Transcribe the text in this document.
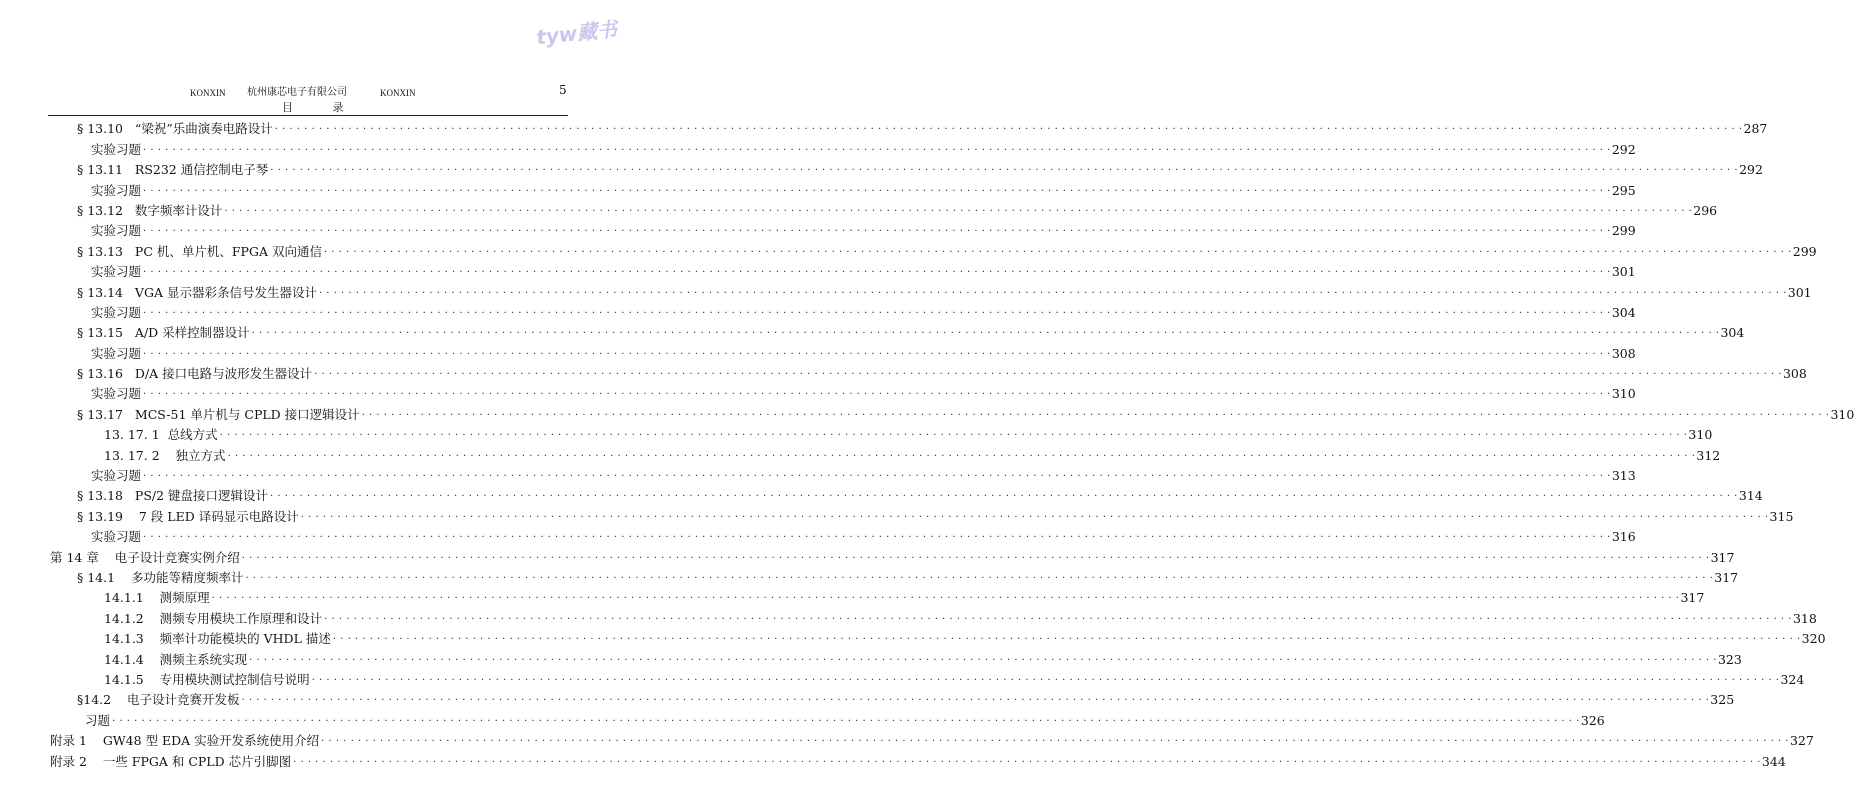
tyw藏书
KONXIN 杭州康芯电子有限公司	KONXIN	5
目 录
§ 13.10   “梁祝”乐曲演奏电路设计 . . . . . . . . . . . . . . . . . . . . . . . . . . . . . . . . . . . . . . . . . . . . . . . . . . . . . . . . . . . . . . . . . . . . . . . . . . . . . . . . . . . . . . . . . . . . . . . . . . . . . . . . . . . . . . . . . . . . . . . . . . . . . . . . . . . . . . . . . . . . . . . . . . . . . . . . . . . . . . . . . . . . . . . . . . . . . . . . . . . . . . . . . . . . . . . . . . . . . . . . 287
实验习题 . . . . . . . . . . . . . . . . . . . . . . . . . . . . . . . . . . . . . . . . . . . . . . . . . . . . . . . . . . . . . . . . . . . . . . . . . . . . . . . . . . . . . . . . . . . . . . . . . . . . . . . . . . . . . . . . . . . . . . . . . . . . . . . . . . . . . . . . . . . . . . . . . . . . . . . . . . . . . . . . . . . . . . . . . . . . . . . . . . . . . . . . . . . . . . . . . . . . . . . . 292
§ 13.11   RS232 通信控制电子琴 . . . . . . . . . . . . . . . . . . . . . . . . . . . . . . . . . . . . . . . . . . . . . . . . . . . . . . . . . . . . . . . . . . . . . . . . . . . . . . . . . . . . . . . . . . . . . . . . . . . . . . . . . . . . . . . . . . . . . . . . . . . . . . . . . . . . . . . . . . . . . . . . . . . . . . . . . . . . . . . . . . . . . . . . . . . . . . . . . . . . . . . . . . . . . . . . . . . . . . . . 292
实验习题 . . . . . . . . . . . . . . . . . . . . . . . . . . . . . . . . . . . . . . . . . . . . . . . . . . . . . . . . . . . . . . . . . . . . . . . . . . . . . . . . . . . . . . . . . . . . . . . . . . . . . . . . . . . . . . . . . . . . . . . . . . . . . . . . . . . . . . . . . . . . . . . . . . . . . . . . . . . . . . . . . . . . . . . . . . . . . . . . . . . . . . . . . . . . . . . . . . . . . . . . 295
§ 13.12   数字频率计设计 . . . . . . . . . . . . . . . . . . . . . . . . . . . . . . . . . . . . . . . . . . . . . . . . . . . . . . . . . . . . . . . . . . . . . . . . . . . . . . . . . . . . . . . . . . . . . . . . . . . . . . . . . . . . . . . . . . . . . . . . . . . . . . . . . . . . . . . . . . . . . . . . . . . . . . . . . . . . . . . . . . . . . . . . . . . . . . . . . . . . . . . . . . . . . . . . . . . . . . . . 296
实验习题 . . . . . . . . . . . . . . . . . . . . . . . . . . . . . . . . . . . . . . . . . . . . . . . . . . . . . . . . . . . . . . . . . . . . . . . . . . . . . . . . . . . . . . . . . . . . . . . . . . . . . . . . . . . . . . . . . . . . . . . . . . . . . . . . . . . . . . . . . . . . . . . . . . . . . . . . . . . . . . . . . . . . . . . . . . . . . . . . . . . . . . . . . . . . . . . . . . . . . . . . 299
§ 13.13   PC 机、单片机、FPGA 双向通信 . . . . . . . . . . . . . . . . . . . . . . . . . . . . . . . . . . . . . . . . . . . . . . . . . . . . . . . . . . . . . . . . . . . . . . . . . . . . . . . . . . . . . . . . . . . . . . . . . . . . . . . . . . . . . . . . . . . . . . . . . . . . . . . . . . . . . . . . . . . . . . . . . . . . . . . . . . . . . . . . . . . . . . . . . . . . . . . . . . . . . . . . . . . . . . . . . . . . . . . . 299
实验习题 . . . . . . . . . . . . . . . . . . . . . . . . . . . . . . . . . . . . . . . . . . . . . . . . . . . . . . . . . . . . . . . . . . . . . . . . . . . . . . . . . . . . . . . . . . . . . . . . . . . . . . . . . . . . . . . . . . . . . . . . . . . . . . . . . . . . . . . . . . . . . . . . . . . . . . . . . . . . . . . . . . . . . . . . . . . . . . . . . . . . . . . . . . . . . . . . . . . . . . . . 301
§ 13.14   VGA 显示器彩条信号发生器设计 . . . . . . . . . . . . . . . . . . . . . . . . . . . . . . . . . . . . . . . . . . . . . . . . . . . . . . . . . . . . . . . . . . . . . . . . . . . . . . . . . . . . . . . . . . . . . . . . . . . . . . . . . . . . . . . . . . . . . . . . . . . . . . . . . . . . . . . . . . . . . . . . . . . . . . . . . . . . . . . . . . . . . . . . . . . . . . . . . . . . . . . . . . . . . . . . . . . . . . . . 301
实验习题 . . . . . . . . . . . . . . . . . . . . . . . . . . . . . . . . . . . . . . . . . . . . . . . . . . . . . . . . . . . . . . . . . . . . . . . . . . . . . . . . . . . . . . . . . . . . . . . . . . . . . . . . . . . . . . . . . . . . . . . . . . . . . . . . . . . . . . . . . . . . . . . . . . . . . . . . . . . . . . . . . . . . . . . . . . . . . . . . . . . . . . . . . . . . . . . . . . . . . . . . 304
§ 13.15   A/D 采样控制器设计 . . . . . . . . . . . . . . . . . . . . . . . . . . . . . . . . . . . . . . . . . . . . . . . . . . . . . . . . . . . . . . . . . . . . . . . . . . . . . . . . . . . . . . . . . . . . . . . . . . . . . . . . . . . . . . . . . . . . . . . . . . . . . . . . . . . . . . . . . . . . . . . . . . . . . . . . . . . . . . . . . . . . . . . . . . . . . . . . . . . . . . . . . . . . . . . . . . . . . . . . 304
实验习题 . . . . . . . . . . . . . . . . . . . . . . . . . . . . . . . . . . . . . . . . . . . . . . . . . . . . . . . . . . . . . . . . . . . . . . . . . . . . . . . . . . . . . . . . . . . . . . . . . . . . . . . . . . . . . . . . . . . . . . . . . . . . . . . . . . . . . . . . . . . . . . . . . . . . . . . . . . . . . . . . . . . . . . . . . . . . . . . . . . . . . . . . . . . . . . . . . . . . . . . . 308
§ 13.16   D/A 接口电路与波形发生器设计 . . . . . . . . . . . . . . . . . . . . . . . . . . . . . . . . . . . . . . . . . . . . . . . . . . . . . . . . . . . . . . . . . . . . . . . . . . . . . . . . . . . . . . . . . . . . . . . . . . . . . . . . . . . . . . . . . . . . . . . . . . . . . . . . . . . . . . . . . . . . . . . . . . . . . . . . . . . . . . . . . . . . . . . . . . . . . . . . . . . . . . . . . . . . . . . . . . . . . . . . 308
实验习题 . . . . . . . . . . . . . . . . . . . . . . . . . . . . . . . . . . . . . . . . . . . . . . . . . . . . . . . . . . . . . . . . . . . . . . . . . . . . . . . . . . . . . . . . . . . . . . . . . . . . . . . . . . . . . . . . . . . . . . . . . . . . . . . . . . . . . . . . . . . . . . . . . . . . . . . . . . . . . . . . . . . . . . . . . . . . . . . . . . . . . . . . . . . . . . . . . . . . . . . . 310
§ 13.17   MCS-51 单片机与 CPLD 接口逻辑设计 . . . . . . . . . . . . . . . . . . . . . . . . . . . . . . . . . . . . . . . . . . . . . . . . . . . . . . . . . . . . . . . . . . . . . . . . . . . . . . . . . . . . . . . . . . . . . . . . . . . . . . . . . . . . . . . . . . . . . . . . . . . . . . . . . . . . . . . . . . . . . . . . . . . . . . . . . . . . . . . . . . . . . . . . . . . . . . . . . . . . . . . . . . . . . . . . . . . . . . . . 310
13. 17. 1  总线方式 . . . . . . . . . . . . . . . . . . . . . . . . . . . . . . . . . . . . . . . . . . . . . . . . . . . . . . . . . . . . . . . . . . . . . . . . . . . . . . . . . . . . . . . . . . . . . . . . . . . . . . . . . . . . . . . . . . . . . . . . . . . . . . . . . . . . . . . . . . . . . . . . . . . . . . . . . . . . . . . . . . . . . . . . . . . . . . . . . . . . . . . . . . . . . . . . . . . . . . . . 310
13. 17. 2    独立方式 . . . . . . . . . . . . . . . . . . . . . . . . . . . . . . . . . . . . . . . . . . . . . . . . . . . . . . . . . . . . . . . . . . . . . . . . . . . . . . . . . . . . . . . . . . . . . . . . . . . . . . . . . . . . . . . . . . . . . . . . . . . . . . . . . . . . . . . . . . . . . . . . . . . . . . . . . . . . . . . . . . . . . . . . . . . . . . . . . . . . . . . . . . . . . . . . . . . . . . . . 312
实验习题 . . . . . . . . . . . . . . . . . . . . . . . . . . . . . . . . . . . . . . . . . . . . . . . . . . . . . . . . . . . . . . . . . . . . . . . . . . . . . . . . . . . . . . . . . . . . . . . . . . . . . . . . . . . . . . . . . . . . . . . . . . . . . . . . . . . . . . . . . . . . . . . . . . . . . . . . . . . . . . . . . . . . . . . . . . . . . . . . . . . . . . . . . . . . . . . . . . . . . . . . 313
§ 13.18   PS/2 键盘接口逻辑设计 . . . . . . . . . . . . . . . . . . . . . . . . . . . . . . . . . . . . . . . . . . . . . . . . . . . . . . . . . . . . . . . . . . . . . . . . . . . . . . . . . . . . . . . . . . . . . . . . . . . . . . . . . . . . . . . . . . . . . . . . . . . . . . . . . . . . . . . . . . . . . . . . . . . . . . . . . . . . . . . . . . . . . . . . . . . . . . . . . . . . . . . . . . . . . . . . . . . . . . . . 314
§ 13.19    7 段 LED 译码显示电路设计 . . . . . . . . . . . . . . . . . . . . . . . . . . . . . . . . . . . . . . . . . . . . . . . . . . . . . . . . . . . . . . . . . . . . . . . . . . . . . . . . . . . . . . . . . . . . . . . . . . . . . . . . . . . . . . . . . . . . . . . . . . . . . . . . . . . . . . . . . . . . . . . . . . . . . . . . . . . . . . . . . . . . . . . . . . . . . . . . . . . . . . . . . . . . . . . . . . . . . . . . 315
实验习题 . . . . . . . . . . . . . . . . . . . . . . . . . . . . . . . . . . . . . . . . . . . . . . . . . . . . . . . . . . . . . . . . . . . . . . . . . . . . . . . . . . . . . . . . . . . . . . . . . . . . . . . . . . . . . . . . . . . . . . . . . . . . . . . . . . . . . . . . . . . . . . . . . . . . . . . . . . . . . . . . . . . . . . . . . . . . . . . . . . . . . . . . . . . . . . . . . . . . . . . . 316
第 14 章    电子设计竞赛实例介绍 . . . . . . . . . . . . . . . . . . . . . . . . . . . . . . . . . . . . . . . . . . . . . . . . . . . . . . . . . . . . . . . . . . . . . . . . . . . . . . . . . . . . . . . . . . . . . . . . . . . . . . . . . . . . . . . . . . . . . . . . . . . . . . . . . . . . . . . . . . . . . . . . . . . . . . . . . . . . . . . . . . . . . . . . . . . . . . . . . . . . . . . . . . . . . . . . . . . . . . . . 317
§ 14.1    多功能等精度频率计 . . . . . . . . . . . . . . . . . . . . . . . . . . . . . . . . . . . . . . . . . . . . . . . . . . . . . . . . . . . . . . . . . . . . . . . . . . . . . . . . . . . . . . . . . . . . . . . . . . . . . . . . . . . . . . . . . . . . . . . . . . . . . . . . . . . . . . . . . . . . . . . . . . . . . . . . . . . . . . . . . . . . . . . . . . . . . . . . . . . . . . . . . . . . . . . . . . . . . . . . 317
14.1.1    测频原理 . . . . . . . . . . . . . . . . . . . . . . . . . . . . . . . . . . . . . . . . . . . . . . . . . . . . . . . . . . . . . . . . . . . . . . . . . . . . . . . . . . . . . . . . . . . . . . . . . . . . . . . . . . . . . . . . . . . . . . . . . . . . . . . . . . . . . . . . . . . . . . . . . . . . . . . . . . . . . . . . . . . . . . . . . . . . . . . . . . . . . . . . . . . . . . . . . . . . . . . . 317
14.1.2    测频专用模块工作原理和设计 . . . . . . . . . . . . . . . . . . . . . . . . . . . . . . . . . . . . . . . . . . . . . . . . . . . . . . . . . . . . . . . . . . . . . . . . . . . . . . . . . . . . . . . . . . . . . . . . . . . . . . . . . . . . . . . . . . . . . . . . . . . . . . . . . . . . . . . . . . . . . . . . . . . . . . . . . . . . . . . . . . . . . . . . . . . . . . . . . . . . . . . . . . . . . . . . . . . . . . . . 318
14.1.3    频率计功能模块的 VHDL 描述 . . . . . . . . . . . . . . . . . . . . . . . . . . . . . . . . . . . . . . . . . . . . . . . . . . . . . . . . . . . . . . . . . . . . . . . . . . . . . . . . . . . . . . . . . . . . . . . . . . . . . . . . . . . . . . . . . . . . . . . . . . . . . . . . . . . . . . . . . . . . . . . . . . . . . . . . . . . . . . . . . . . . . . . . . . . . . . . . . . . . . . . . . . . . . . . . . . . . . . . . 320
14.1.4    测频主系统实现 . . . . . . . . . . . . . . . . . . . . . . . . . . . . . . . . . . . . . . . . . . . . . . . . . . . . . . . . . . . . . . . . . . . . . . . . . . . . . . . . . . . . . . . . . . . . . . . . . . . . . . . . . . . . . . . . . . . . . . . . . . . . . . . . . . . . . . . . . . . . . . . . . . . . . . . . . . . . . . . . . . . . . . . . . . . . . . . . . . . . . . . . . . . . . . . . . . . . . . . . 323
14.1.5    专用模块测试控制信号说明 . . . . . . . . . . . . . . . . . . . . . . . . . . . . . . . . . . . . . . . . . . . . . . . . . . . . . . . . . . . . . . . . . . . . . . . . . . . . . . . . . . . . . . . . . . . . . . . . . . . . . . . . . . . . . . . . . . . . . . . . . . . . . . . . . . . . . . . . . . . . . . . . . . . . . . . . . . . . . . . . . . . . . . . . . . . . . . . . . . . . . . . . . . . . . . . . . . . . . . . . 324
§14.2    电子设计竞赛开发板 . . . . . . . . . . . . . . . . . . . . . . . . . . . . . . . . . . . . . . . . . . . . . . . . . . . . . . . . . . . . . . . . . . . . . . . . . . . . . . . . . . . . . . . . . . . . . . . . . . . . . . . . . . . . . . . . . . . . . . . . . . . . . . . . . . . . . . . . . . . . . . . . . . . . . . . . . . . . . . . . . . . . . . . . . . . . . . . . . . . . . . . . . . . . . . . . . . . . . . . . 325
习题 . . . . . . . . . . . . . . . . . . . . . . . . . . . . . . . . . . . . . . . . . . . . . . . . . . . . . . . . . . . . . . . . . . . . . . . . . . . . . . . . . . . . . . . . . . . . . . . . . . . . . . . . . . . . . . . . . . . . . . . . . . . . . . . . . . . . . . . . . . . . . . . . . . . . . . . . . . . . . . . . . . . . . . . . . . . . . . . . . . . . . . . . . . . . . . . . . . . . . . . . 326
附录 1    GW48 型 EDA 实验开发系统使用介绍 . . . . . . . . . . . . . . . . . . . . . . . . . . . . . . . . . . . . . . . . . . . . . . . . . . . . . . . . . . . . . . . . . . . . . . . . . . . . . . . . . . . . . . . . . . . . . . . . . . . . . . . . . . . . . . . . . . . . . . . . . . . . . . . . . . . . . . . . . . . . . . . . . . . . . . . . . . . . . . . . . . . . . . . . . . . . . . . . . . . . . . . . . . . . . . . . . . . . . . . . 327
附录 2    一些 FPGA 和 CPLD 芯片引脚图 . . . . . . . . . . . . . . . . . . . . . . . . . . . . . . . . . . . . . . . . . . . . . . . . . . . . . . . . . . . . . . . . . . . . . . . . . . . . . . . . . . . . . . . . . . . . . . . . . . . . . . . . . . . . . . . . . . . . . . . . . . . . . . . . . . . . . . . . . . . . . . . . . . . . . . . . . . . . . . . . . . . . . . . . . . . . . . . . . . . . . . . . . . . . . . . . . . . . . . . . 344
